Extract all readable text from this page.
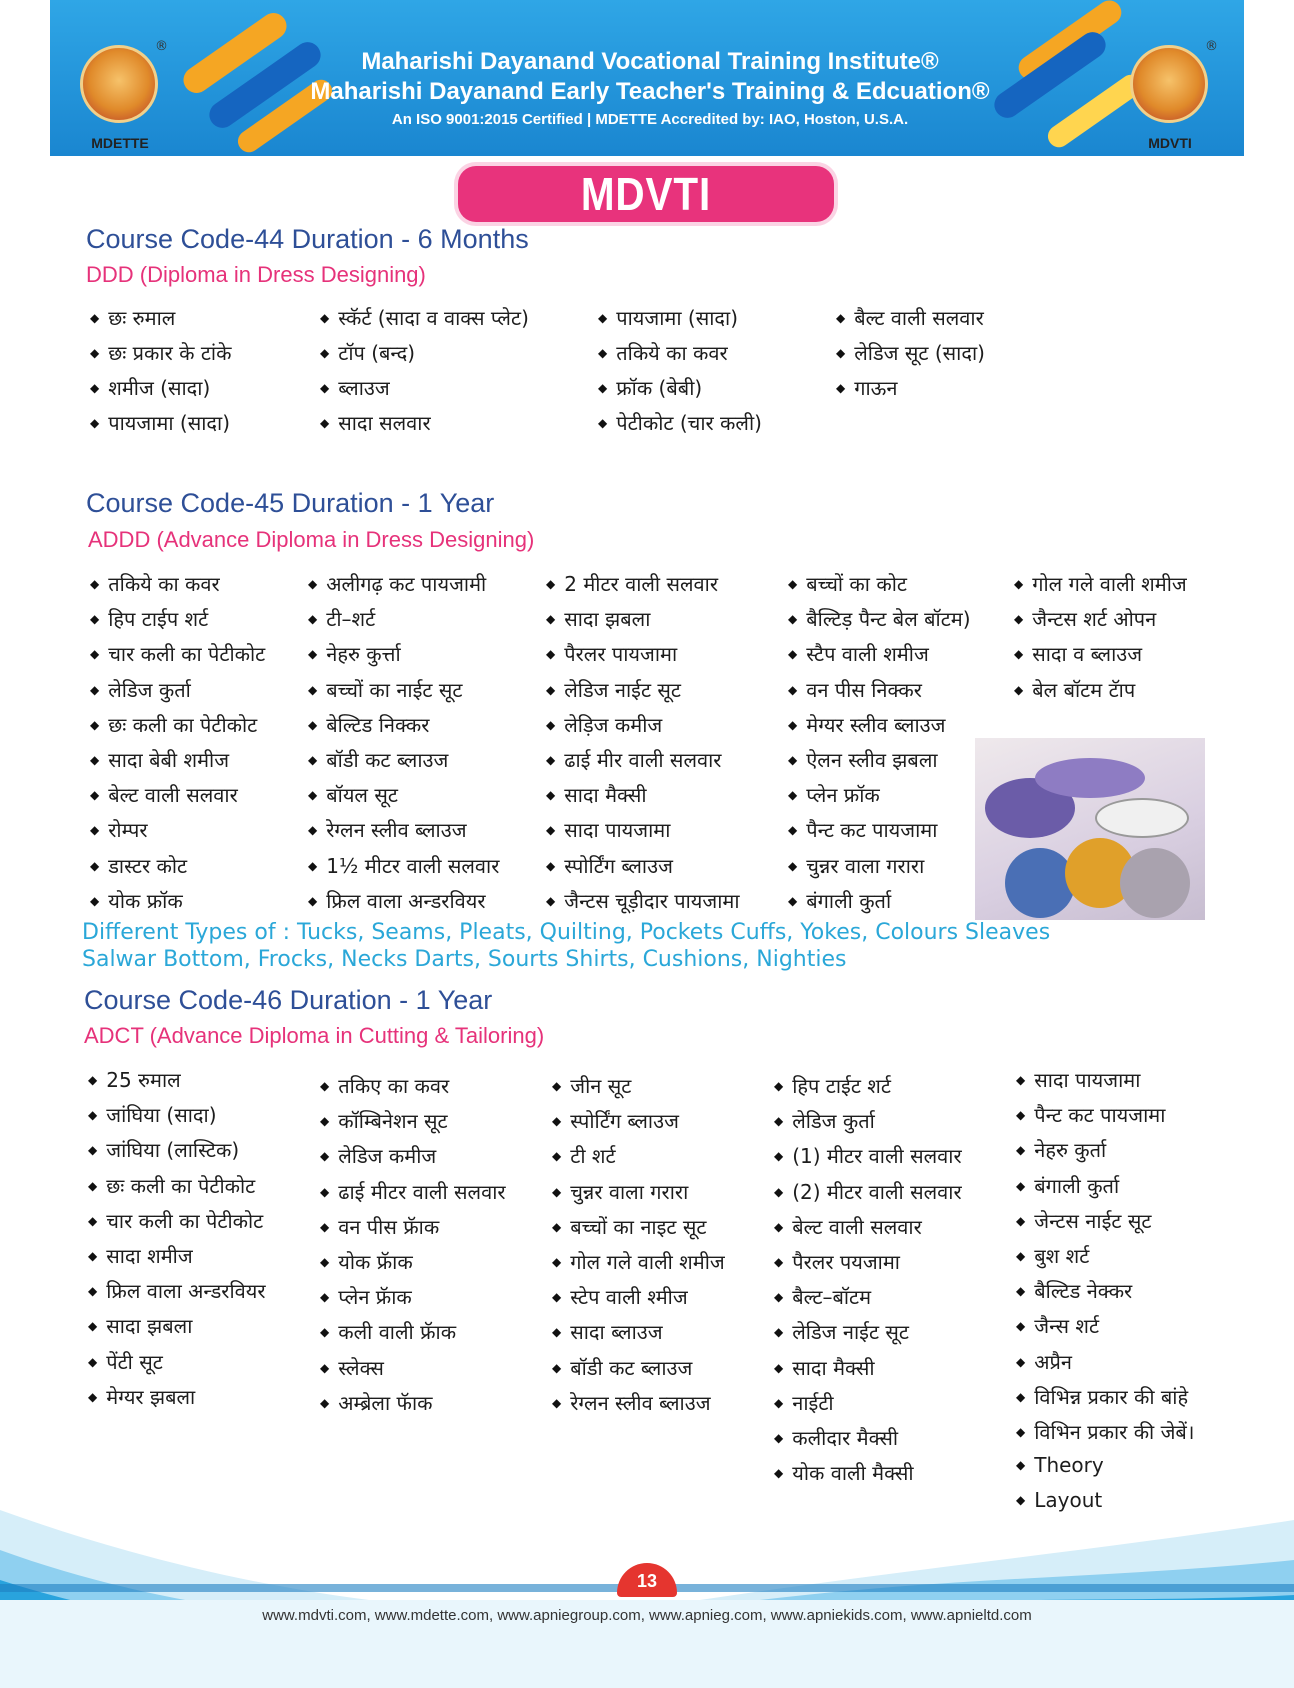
®
MDETTE
®
MDVTI
Maharishi Dayanand Vocational Training Institute®
Maharishi Dayanand Early Teacher's Training & Edcuation®
An ISO 9001:2015 Certified | MDETTE Accredited by: IAO, Hoston, U.S.A.
MDVTI COURSES
Course Code-44 Duration - 6 Months
DDD (Diploma in Dress Designing)
◆ छः रुमाल
◆ छः प्रकार के टांके
◆ शमीज (सादा)
◆ पायजामा (सादा)
◆ स्कॅर्ट (सादा व वाक्स प्लेट)
◆ टॉप (बन्द)
◆ ब्लाउज
◆ सादा सलवार
◆ पायजामा (सादा)
◆ तकिये का कवर
◆ फ्रॉक (बेबी)
◆ पेटीकोट (चार कली)
◆ बैल्ट वाली सलवार
◆ लेडिज सूट (सादा)
◆ गाऊन
Course Code-45 Duration - 1 Year
ADDD (Advance Diploma in Dress Designing)
◆ तकिये का कवर
◆ हिप टाईप शर्ट
◆ चार कली का पेटीकोट
◆ लेडिज कुर्ता
◆ छः कली का पेटीकोट
◆ सादा बेबी शमीज
◆ बेल्ट वाली सलवार
◆ रोम्पर
◆ डास्टर कोट
◆ योक फ्रॉक
◆ अलीगढ़ कट पायजामी
◆ टी–शर्ट
◆ नेहरु कुर्त्ता
◆ बच्चों का नाईट सूट
◆ बेल्टिड निक्कर
◆ बॉडी कट ब्लाउज
◆ बॉयल सूट
◆ रेग्लन स्लीव ब्लाउज
◆ 1½ मीटर वाली सलवार
◆ फ्रिल वाला अन्डरवियर
◆ 2 मीटर वाली सलवार
◆ सादा झबला
◆ पैरलर पायजामा
◆ लेडिज नाईट सूट
◆ लेड़िज कमीज
◆ ढाई मीर वाली सलवार
◆ सादा मैक्सी
◆ सादा पायजामा
◆ स्पोर्टिंग ब्लाउज
◆ जैन्टस चूड़ीदार पायजामा
◆ बच्चों का कोट
◆ बैल्टिड़ पैन्ट बेल बॉटम)
◆ स्टैप वाली शमीज
◆ वन पीस निक्कर
◆ मेग्यर स्लीव ब्लाउज
◆ ऐलन स्लीव झबला
◆ प्लेन फ्रॉक
◆ पैन्ट कट पायजामा
◆ चुन्नर वाला गरारा
◆ बंगाली कुर्ता
◆ गोल गले वाली शमीज
◆ जैन्टस शर्ट ओपन
◆ सादा व ब्लाउज
◆ बेल बॉटम टॅाप
Different Types of : Tucks, Seams, Pleats, Quilting, Pockets Cuffs, Yokes, Colours Sleaves
Salwar Bottom, Frocks, Necks Darts, Sourts Shirts, Cushions, Nighties
Course Code-46 Duration - 1 Year
ADCT (Advance Diploma in Cutting & Tailoring)
◆ 25 रुमाल
◆ जांघिया (सादा)
◆ जांघिया (लास्टिक)
◆ छः कली का पेटीकोट
◆ चार कली का पेटीकोट
◆ सादा शमीज
◆ फ्रिल वाला अन्डरवियर
◆ सादा झबला
◆ पेंटी सूट
◆ मेग्यर झबला
◆ तकिए का कवर
◆ कॉम्बिनेशन सूट
◆ लेडिज कमीज
◆ ढाई मीटर वाली सलवार
◆ वन पीस फ्रॅाक
◆ योक फ्रॅाक
◆ प्लेन फ्रॅाक
◆ कली वाली फ्रॅाक
◆ स्लेक्स
◆ अम्ब्रेला फॅाक
◆ जीन सूट
◆ स्पोर्टिंग ब्लाउज
◆ टी शर्ट
◆ चुन्नर वाला गरारा
◆ बच्चों का नाइट सूट
◆ गोल गले वाली शमीज
◆ स्टेप वाली श्मीज
◆ सादा ब्लाउज
◆ बॉडी कट ब्लाउज
◆ रेग्लन स्लीव ब्लाउज
◆ हिप टाईट शर्ट
◆ लेडिज कुर्ता
◆ (1) मीटर वाली सलवार
◆ (2) मीटर वाली सलवार
◆ बेल्ट वाली सलवार
◆ पैरलर पयजामा
◆ बैल्ट–बॉटम
◆ लेडिज नाईट सूट
◆ सादा मैक्सी
◆ नाईटी
◆ कलीदार मैक्सी
◆ योक वाली मैक्सी
◆ सादा पायजामा
◆ पैन्ट कट पायजामा
◆ नेहरु कुर्ता
◆ बंगाली कुर्ता
◆ जेन्टस नाईट सूट
◆ बुश शर्ट
◆ बैल्टिड नेक्कर
◆ जैन्स शर्ट
◆ अप्रैन
◆ विभिन्न प्रकार की बांहे
◆ विभिन प्रकार की जेबें।
◆ Theory
◆ Layout
13
www.mdvti.com, www.mdette.com, www.apniegroup.com, www.apnieg.com, www.apniekids.com, www.apnieltd.com
